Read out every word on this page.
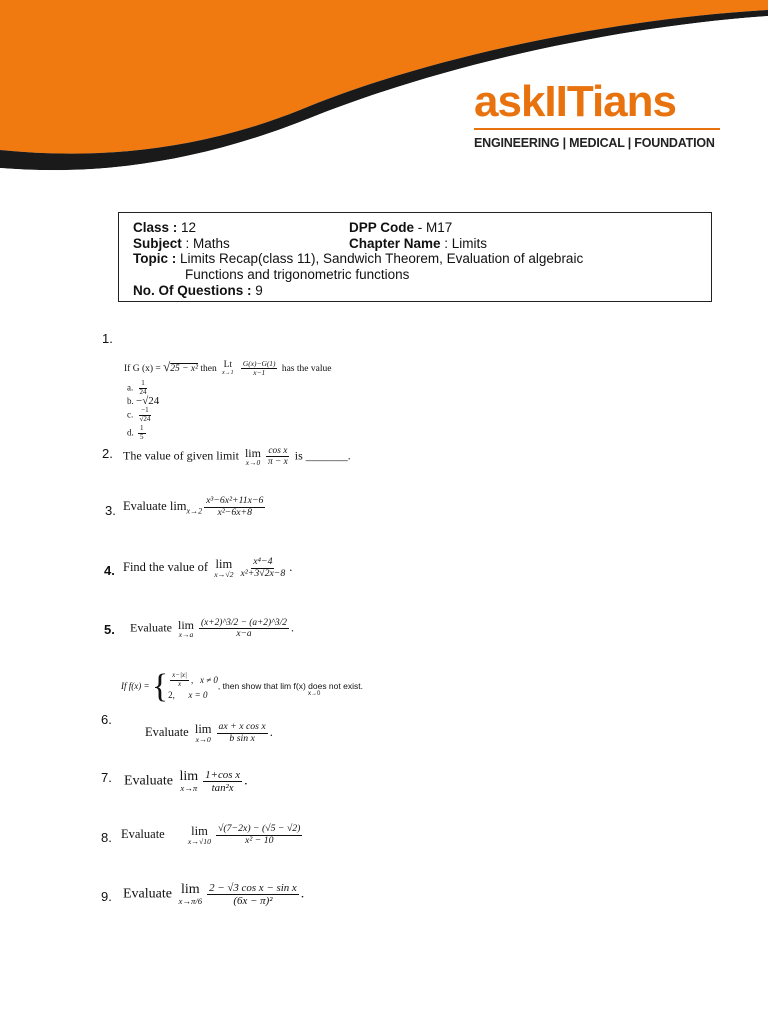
askIITians
ENGINEERING | MEDICAL | FOUNDATION
Class : 12	DPP Code - M17
Subject : Maths	Chapter Name : Limits
Topic : Limits Recap(class 11), Sandwich Theorem, Evaluation of algebraic
Functions and trigonometric functions
No. Of Questions : 9
1.
If G (x) = √25 − x² then Lt
x→1
$\frac{G(x)-G(1)}{x-1}$ has the value
a. $\frac{1}{24}$
b. −√24
c. $\frac{-1}{√24}$
d. $\frac{1}{5}$
2. The value of given limit lim
$x\to 0 \frac{\text{cos x}}{\pi - x}$ is _______.
3. Evaluate $\lim_{x\to 2} \frac{\text{x³−6x²+11x−6}}{\text{x²−6x+8}}$
4. Find the value of lim
$x\to√2 \frac{\text{x⁴−4}}{\text{x²+3√2x−8}}$ .
5. Evaluate lim
$x\to a \frac{(x+2)\^{}3/2 - (a+2)\^{}3/2}{x-a}$ .
If f(x) = { $\frac{x-|x|}{x}$ ,   x ≠ 0
2, x = 0, then show that lim f(x) does not $exist._{x\to 0}$
6.
Evaluate lim
$x\to 0 \frac{\text{ax + x cos x}}{\text{b sin x}}$ .
7. Evaluate lim
$x\to\pi \frac{\text{1+cos x}}{\text{tan²x}}$ .
8. Evaluate lim
$x\to√10 \frac{√(7-2x) - (√5 - √2)}{\text{x² − 10}}$
9. Evaluate lim
$x\to\pi/6 \frac{\text{2 − √3 cos x − sin x}}{\text{(6x − π)²}}$ .
